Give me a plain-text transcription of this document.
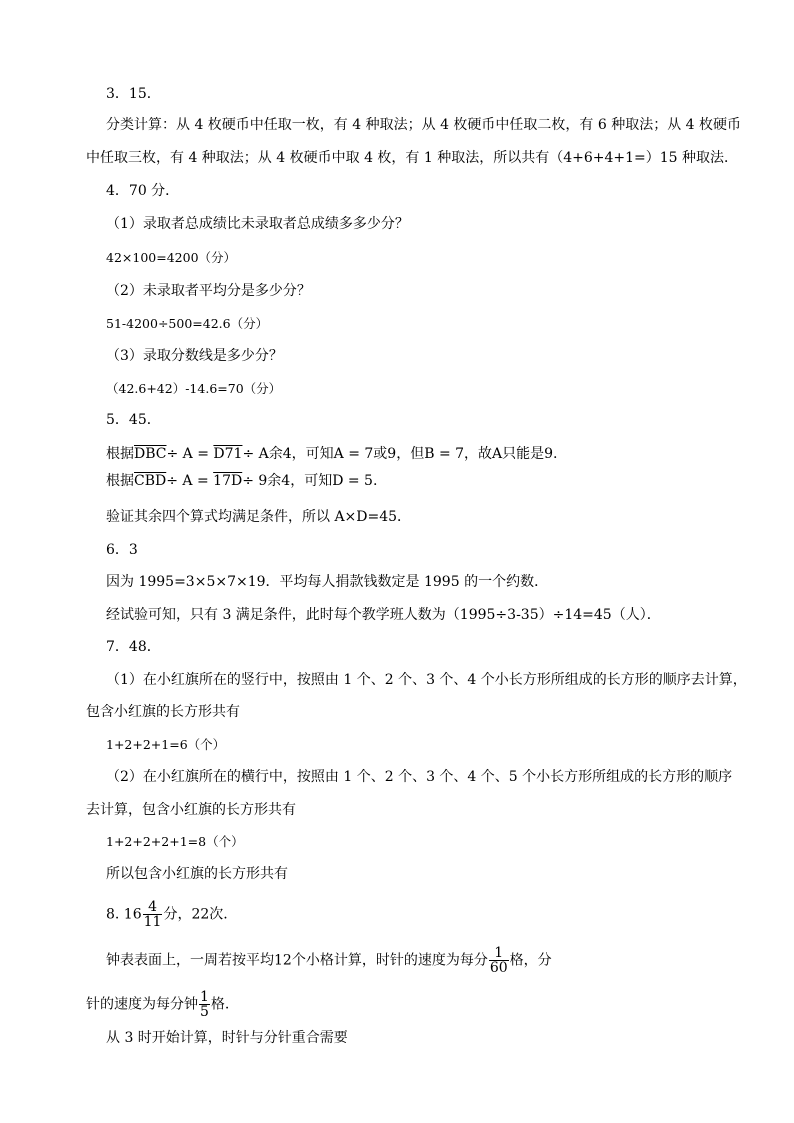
3．15．
分类计算：从 4 枚硬币中任取一枚，有 4 种取法；从 4 枚硬币中任取二枚，有 6 种取法；从 4 枚硬币
中任取三枚，有 4 种取法；从 4 枚硬币中取 4 枚，有 1 种取法，所以共有（4+6+4+1=）15 种取法．
4．70 分．
（1）录取者总成绩比未录取者总成绩多多少分？
42×100=4200（分）
（2）未录取者平均分是多少分？
51-4200÷500=42.6（分）
（3）录取分数线是多少分？
（42.6+42）-14.6=70（分）
5．45．
根据$\overline{DBC}\div A = D71\div A$余4，可知A = 7或9，但B = 7，故A只能是9.
根据$\overline{CBD}\div A = 17D\div 9$余4，可知D = 5.
验证其余四个算式均满足条件，所以 A×D=45．
6．3
因为 1995=3×5×7×19．平均每人捐款钱数定是 1995 的一个约数．
经试验可知，只有 3 满足条件，此时每个教学班人数为（1995÷3-35）÷14=45（人）．
7．48．
（1）在小红旗所在的竖行中，按照由 1 个、2 个、3 个、4 个小长方形所组成的长方形的顺序去计算，
包含小红旗的长方形共有
1+2+2+1=6（个）
（2）在小红旗所在的横行中，按照由 1 个、2 个、3 个、4 个、5 个小长方形所组成的长方形的顺序
去计算，包含小红旗的长方形共有
1+2+2+2+1=8（个）
所以包含小红旗的长方形共有
8. $16 \frac{4}{11}$ 分，22次.
钟表表面上，一周若按平均12个小格计算，时针的速度为每分 $\frac{1}{60}$ 格，分
针的速度为每分钟 $\frac{1}{5}$ 格.
从 3 时开始计算，时针与分针重合需要
